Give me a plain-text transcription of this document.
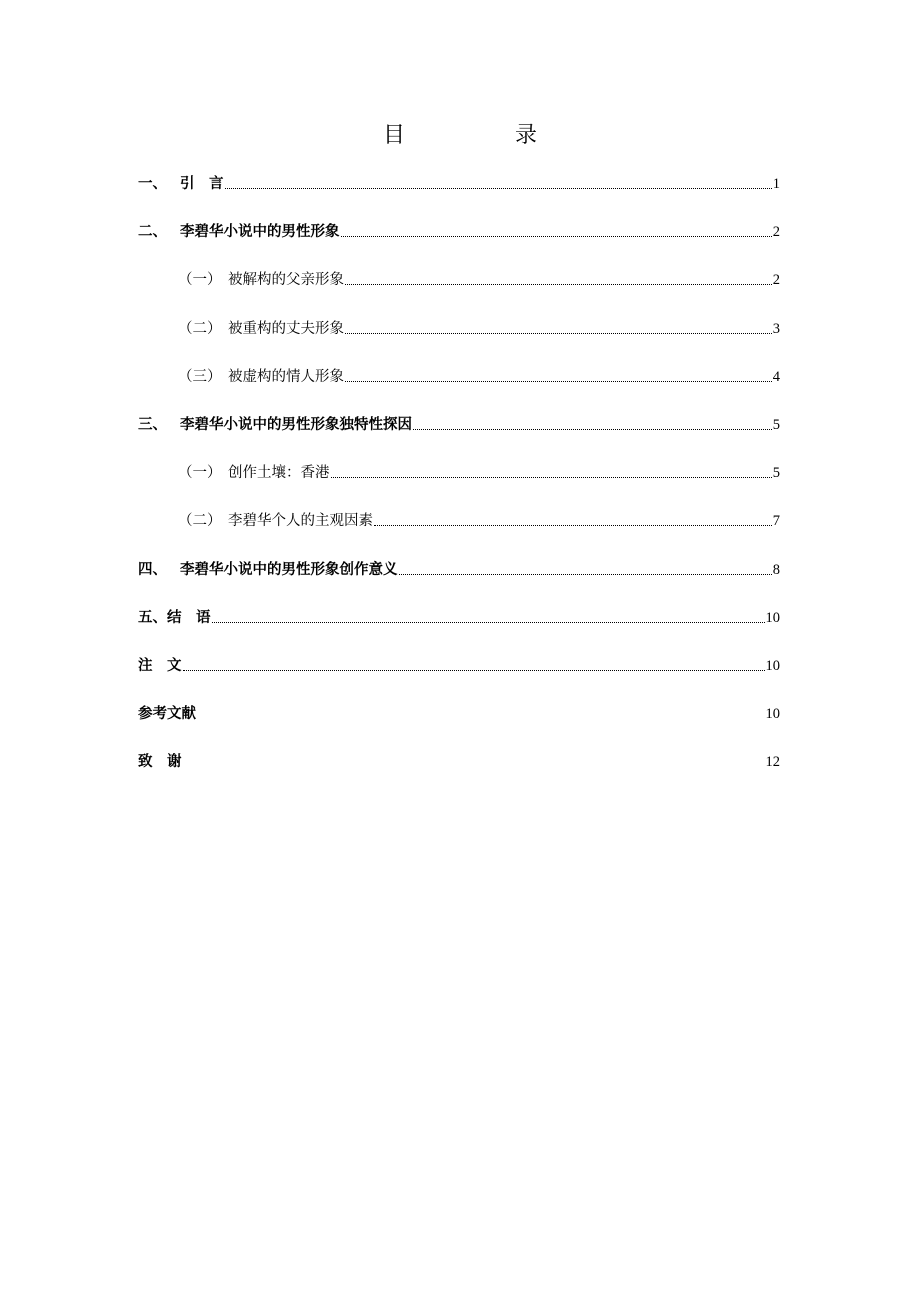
目　录
一、 引　言	1
二、 李碧华小说中的男性形象	2
（一） 被解构的父亲形象	2
（二） 被重构的丈夫形象	3
（三） 被虚构的情人形象	4
三、 李碧华小说中的男性形象独特性探因	5
（一） 创作土壤：香港	5
（二） 李碧华个人的主观因素	7
四、 李碧华小说中的男性形象创作意义	8
五、结　语	10
注　文	10
参考文献	10
致　谢	12
